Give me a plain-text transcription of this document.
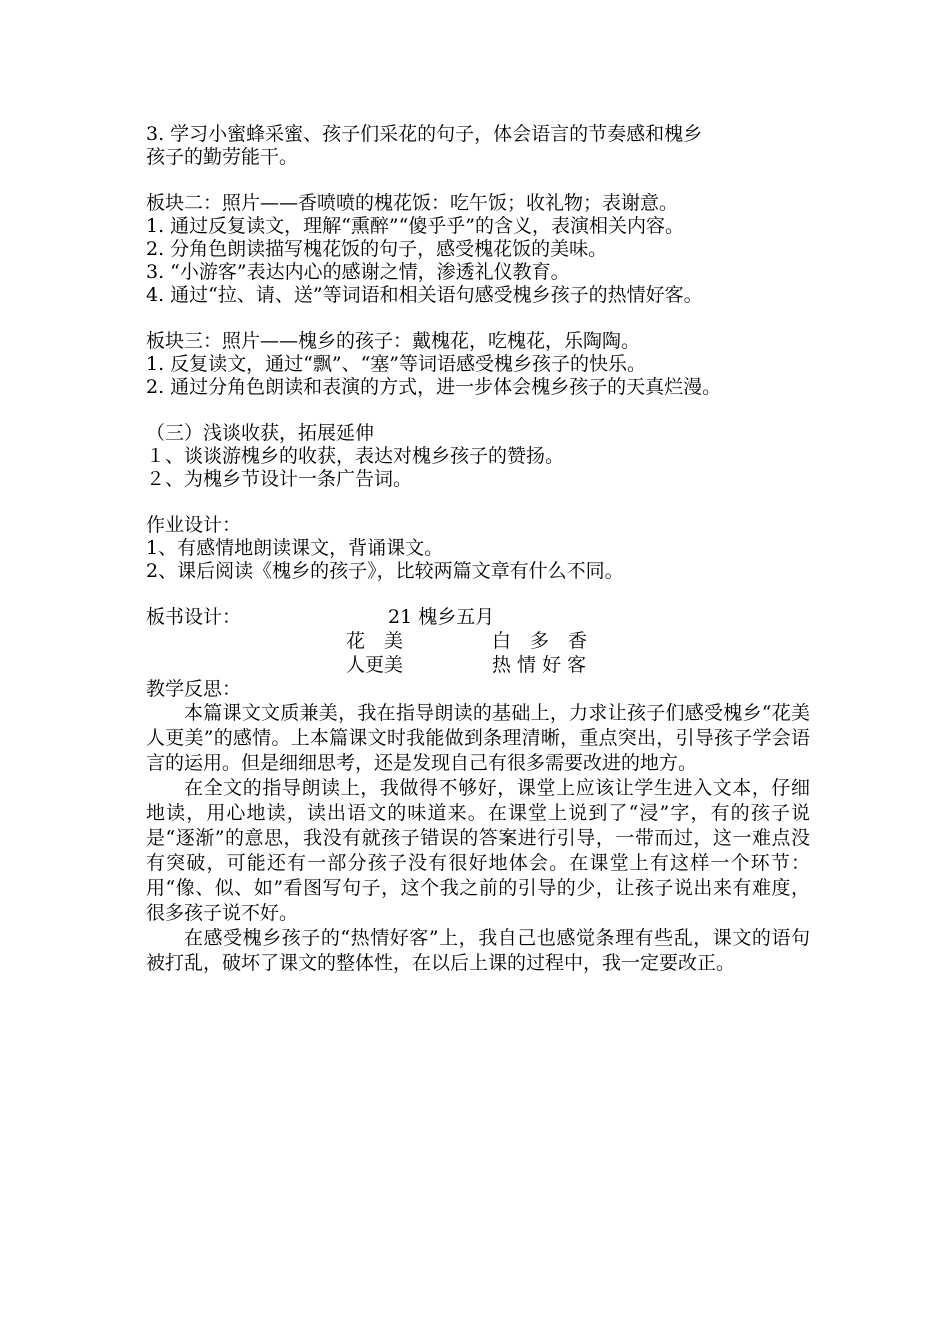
3. 学习小蜜蜂采蜜、孩子们采花的句子，体会语言的节奏感和槐乡
孩子的勤劳能干。
板块二：照片——香喷喷的槐花饭：吃午饭；收礼物；表谢意。
1. 通过反复读文，理解“熏醉”“傻乎乎”的含义，表演相关内容。
2. 分角色朗读描写槐花饭的句子，感受槐花饭的美味。
3. “小游客”表达内心的感谢之情，渗透礼仪教育。
4. 通过“拉、请、送”等词语和相关语句感受槐乡孩子的热情好客。
板块三：照片——槐乡的孩子：戴槐花，吃槐花，乐陶陶。
1. 反复读文，通过“飘”、“塞”等词语感受槐乡孩子的快乐。
2. 通过分角色朗读和表演的方式，进一步体会槐乡孩子的天真烂漫。
（三）浅谈收获，拓展延伸
１、谈谈游槐乡的收获，表达对槐乡孩子的赞扬。
２、为槐乡节设计一条广告词。
作业设计：
1、有感情地朗读课文，背诵课文。
2、课后阅读《槐乡的孩子》，比较两篇文章有什么不同。
板书设计：	21 槐乡五月
花　美	白　多　香
人更美	热 情 好 客
教学反思：
本篇课文文质兼美，我在指导朗读的基础上，力求让孩子们感受槐乡“花美人更美”的感情。上本篇课文时我能做到条理清晰，重点突出，引导孩子学会语言的运用。但是细细思考，还是发现自己有很多需要改进的地方。
在全文的指导朗读上，我做得不够好，课堂上应该让学生进入文本，仔细地读，用心地读，读出语文的味道来。在课堂上说到了“浸”字，有的孩子说是“逐渐”的意思，我没有就孩子错误的答案进行引导，一带而过，这一难点没有突破，可能还有一部分孩子没有很好地体会。在课堂上有这样一个环节：用“像、似、如”看图写句子，这个我之前的引导的少，让孩子说出来有难度，很多孩子说不好。
在感受槐乡孩子的“热情好客”上，我自己也感觉条理有些乱，课文的语句被打乱，破坏了课文的整体性，在以后上课的过程中，我一定要改正。
